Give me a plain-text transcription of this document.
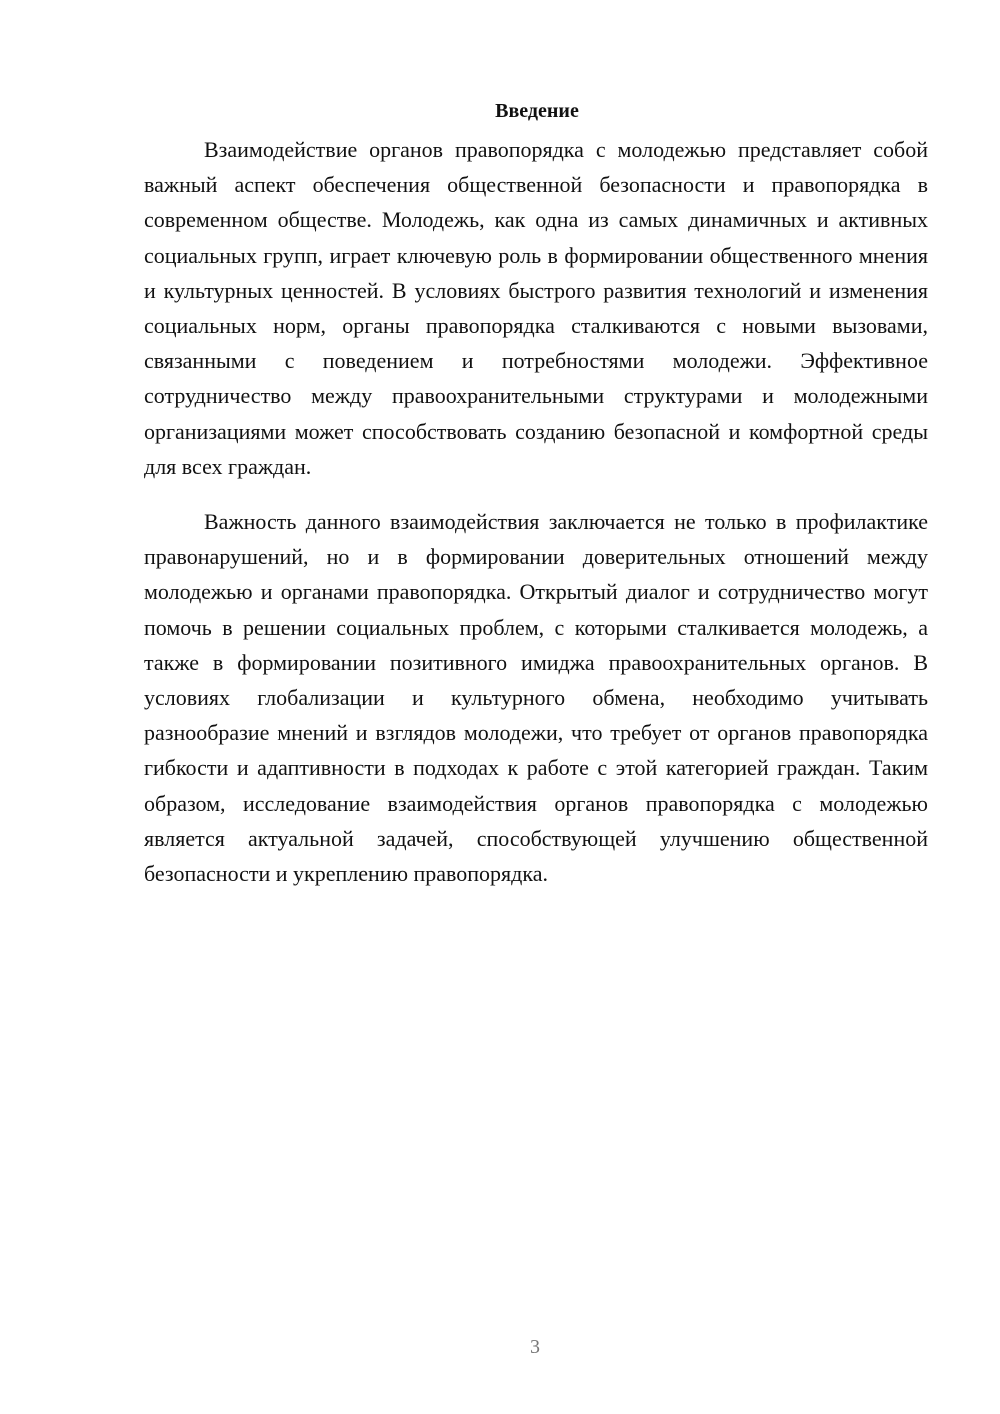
Введение

Взаимодействие органов правопорядка с молодежью представляет собой важный аспект обеспечения общественной безопасности и правопорядка в современном обществе. Молодежь, как одна из самых динамичных и активных социальных групп, играет ключевую роль в формировании общественного мнения и культурных ценностей. В условиях быстрого развития технологий и изменения социальных норм, органы правопорядка сталкиваются с новыми вызовами, связанными с поведением и потребностями молодежи. Эффективное сотрудничество между правоохранительными структурами и молодежными организациями может способствовать созданию безопасной и комфортной среды для всех граждан.

Важность данного взаимодействия заключается не только в профилактике правонарушений, но и в формировании доверительных отношений между молодежью и органами правопорядка. Открытый диалог и сотрудничество могут помочь в решении социальных проблем, с которыми сталкивается молодежь, а также в формировании позитивного имиджа правоохранительных органов. В условиях глобализации и культурного обмена, необходимо учитывать разнообразие мнений и взглядов молодежи, что требует от органов правопорядка гибкости и адаптивности в подходах к работе с этой категорией граждан. Таким образом, исследование взаимодействия органов правопорядка с молодежью является актуальной задачей, способствующей улучшению общественной безопасности и укреплению правопорядка.

3
